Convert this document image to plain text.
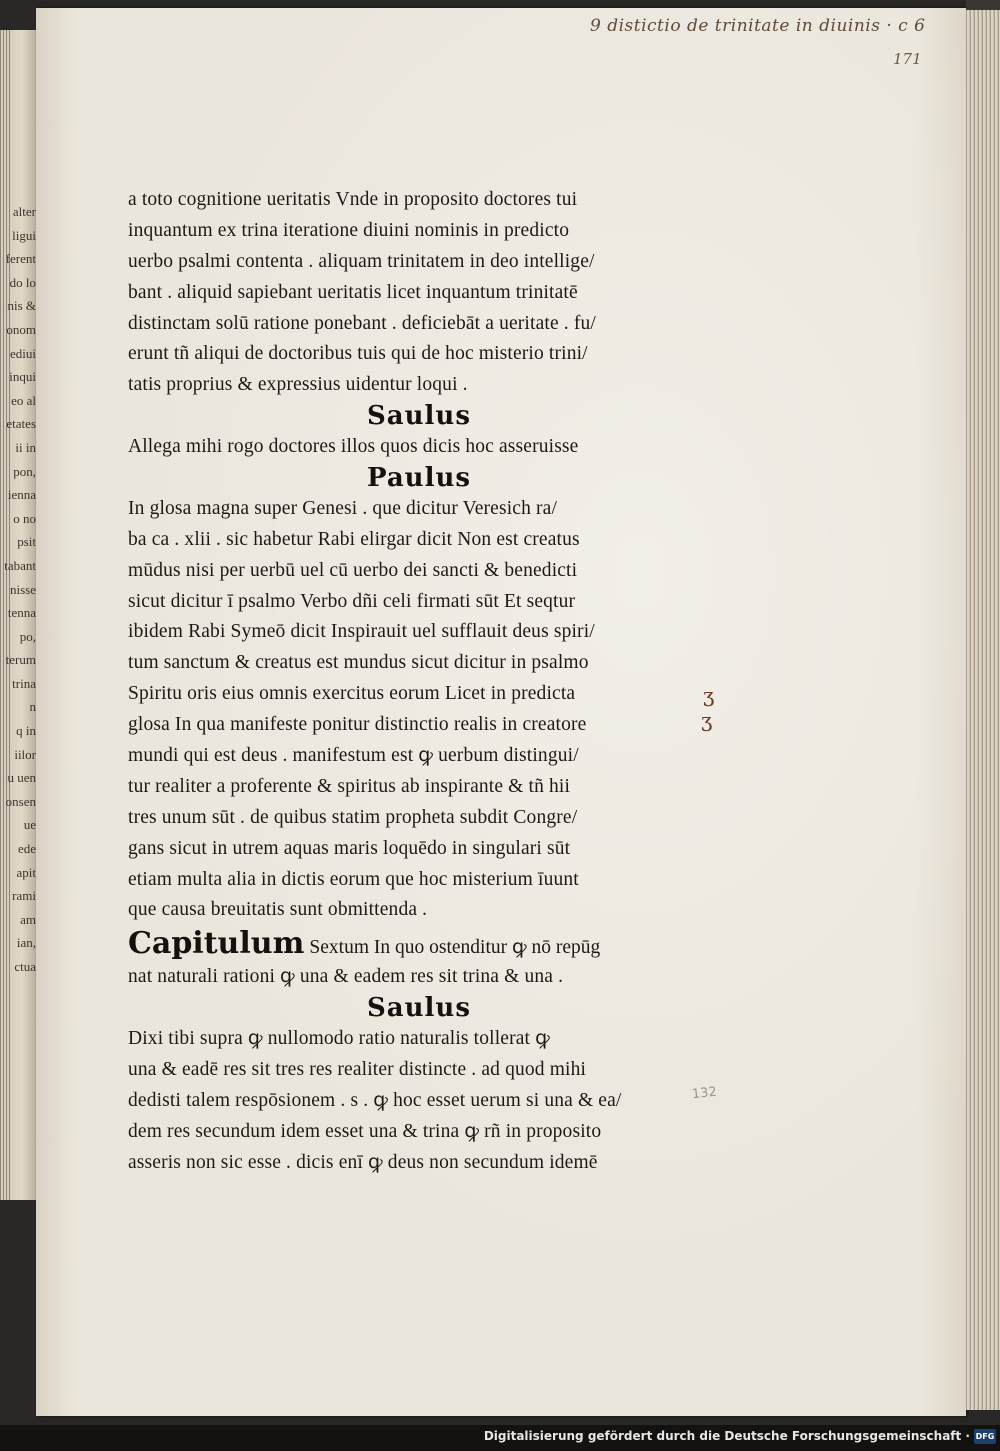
alter
ligui
ferent
do lo
nis &
onom
ediui
inqui
eo al
etates
ii in
pon,
ienna
o no
psit
tabant
nisse
tenna
po,
terum
trina
n
q in
iilor
u uen
onsen
ue
ede
apit
rami
am
ian,
ctua
9 distictio de trinitate in diuinis · c 6
171
132
a toto cognitione ueritatis Vnde in proposito doctores tui
inquantum ex trina iteratione diuini nominis in predicto
uerbo psalmi contenta . aliquam trinitatem in deo intellige/
bant . aliquid sapiebant ueritatis licet inquantum trinitatē
distinctam solū ratione ponebant . deficiebāt a ueritate . fu/
erunt tñ aliqui de doctoribus tuis qui de hoc misterio trini/
tatis proprius & expressius uidentur loqui .
Saulus
Allega mihi rogo doctores illos quos dicis hoc asseruisse
Paulus
In glosa magna super Genesi . que dicitur Veresich ra/
ba ca . xlii . sic habetur Rabi elirgar dicit Non est creatus
mūdus nisi per uerbū uel cū uerbo dei sancti & benedicti
sicut dicitur ī psalmo Verbo dñi celi firmati sūt Et seqtur
ibidem Rabi Symeō dicit Inspirauit uel sufflauit deus spiri/
tum sanctum & creatus est mundus sicut dicitur in psalmo
Spiritu oris eius omnis exercitus eorum Licet in predicta
glosa In qua manifeste ponitur distinctio realis in creatore
mundi qui est deus . manifestum est ꝙ uerbum distingui/
tur realiter a proferente & spiritus ab inspirante & tñ hii
tres unum sūt . de quibus statim propheta subdit Congre/
gans sicut in utrem aquas maris loquēdo in singulari sūt
etiam multa alia in dictis eorum que hoc misterium īuunt
que causa breuitatis sunt obmittenda .
Capitulum Sextum In quo ostenditur ꝙ nō repūg
nat naturali rationi ꝙ una & eadem res sit trina & una .
Saulus
Dixi tibi supra ꝙ nullomodo ratio naturalis tollerat ꝙ
una & eadē res sit tres res realiter distincte . ad quod mihi
dedisti talem respōsionem . s . ꝙ hoc esset uerum si una & ea/
dem res secundum idem esset una & trina ꝙ rñ in proposito
asseris non sic esse . dicis enī ꝙ deus non secundum idemē
ʒ
ʒ
Digitalisierung gefördert durch die Deutsche Forschungsgemeinschaft · DFG
